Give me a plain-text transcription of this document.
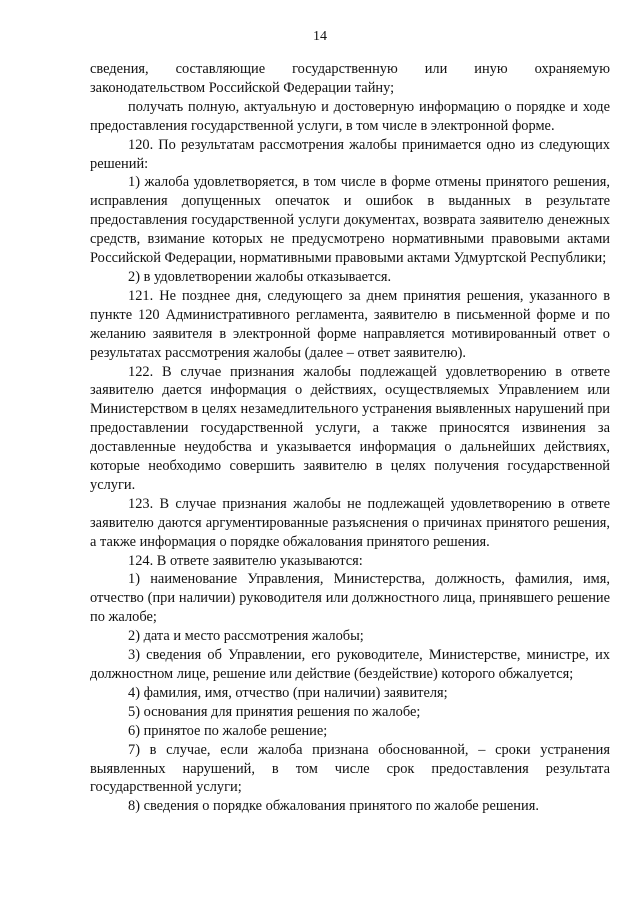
14

сведения, составляющие государственную или иную охраняемую законодательством Российской Федерации тайну;

получать полную, актуальную и достоверную информацию о порядке и ходе предоставления государственной услуги, в том числе в электронной форме.

120. По результатам рассмотрения жалобы принимается одно из следующих решений:

1) жалоба удовлетворяется, в том числе в форме отмены принятого решения, исправления допущенных опечаток и ошибок в выданных в результате предоставления государственной услуги документах, возврата заявителю денежных средств, взимание которых не предусмотрено нормативными правовыми актами Российской Федерации, нормативными правовыми актами Удмуртской Республики;

2) в удовлетворении жалобы отказывается.

121. Не позднее дня, следующего за днем принятия решения, указанного в пункте 120 Административного регламента, заявителю в письменной форме и по желанию заявителя в электронной форме направляется мотивированный ответ о результатах рассмотрения жалобы (далее – ответ заявителю).

122. В случае признания жалобы подлежащей удовлетворению в ответе заявителю дается информация о действиях, осуществляемых Управлением или Министерством в целях незамедлительного устранения выявленных нарушений при предоставлении государственной услуги, а также приносятся извинения за доставленные неудобства и указывается информация о дальнейших действиях, которые необходимо совершить заявителю в целях получения государственной услуги.

123. В случае признания жалобы не подлежащей удовлетворению в ответе заявителю даются аргументированные разъяснения о причинах принятого решения, а также информация о порядке обжалования принятого решения.

124. В ответе заявителю указываются:

1) наименование Управления, Министерства, должность, фамилия, имя, отчество (при наличии) руководителя или должностного лица, принявшего решение по жалобе;

2) дата и место рассмотрения жалобы;

3) сведения об Управлении, его руководителе, Министерстве, министре, их должностном лице, решение или действие (бездействие) которого обжалуется;

4) фамилия, имя, отчество (при наличии) заявителя;

5) основания для принятия решения по жалобе;

6) принятое по жалобе решение;

7) в случае, если жалоба признана обоснованной, – сроки устранения выявленных нарушений, в том числе срок предоставления результата государственной услуги;

8) сведения о порядке обжалования принятого по жалобе решения.
